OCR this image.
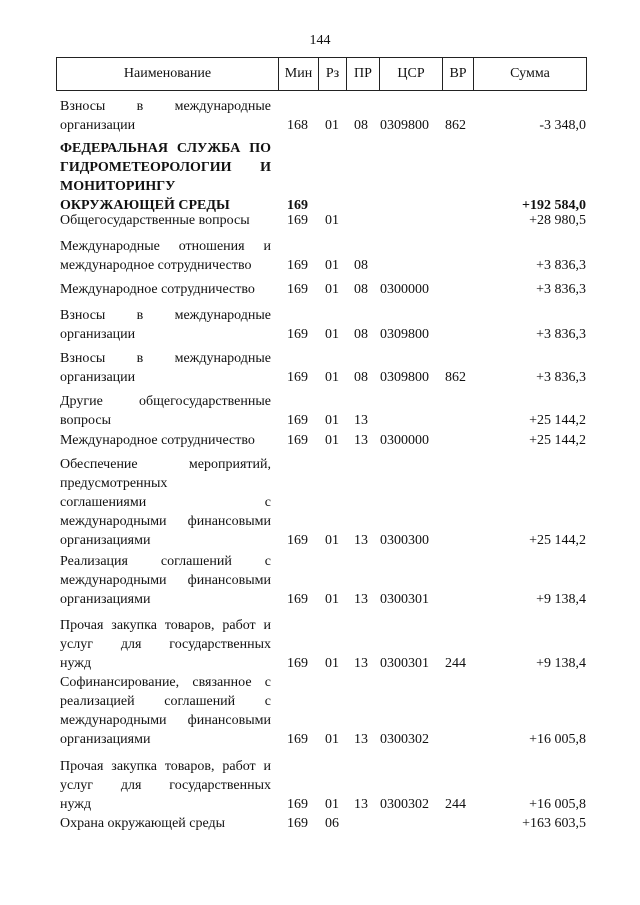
144
Наименование	Мин Рз	ПР	ЦСР	ВР	Сумма
Взносы в международные
организации	168 01 08 0309800 862	-3 348,0
ФЕДЕРАЛЬНАЯ СЛУЖБА ПО
ГИДРОМЕТЕОРОЛОГИИ И
МОНИТОРИНГУ
ОКРУЖАЮЩЕЙ СРЕДЫ	169	+192 584,0
Общегосударственные вопросы	169 01	+28 980,5
Международные отношения и
международное сотрудничество	169 01 08	+3 836,3
Международное сотрудничество	169 01 08 0300000	+3 836,3
Взносы в международные
организации	169 01 08 0309800	+3 836,3
Взносы в международные
организации	169 01 08 0309800 862	+3 836,3
Другие общегосударственные
вопросы	169 01 13	+25 144,2
Международное сотрудничество	169 01 13 0300000	+25 144,2
Обеспечение мероприятий,
предусмотренных
соглашениями с
международными финансовыми
организациями	169 01 13 0300300	+25 144,2
Реализация соглашений с
международными финансовыми
организациями	169 01 13 0300301	+9 138,4
Прочая закупка товаров, работ и
услуг для государственных
нужд	169 01 13 0300301 244	+9 138,4
Софинансирование, связанное с
реализацией соглашений с
международными финансовыми
организациями	169 01 13 0300302	+16 005,8
Прочая закупка товаров, работ и
услуг для государственных
нужд	169 01 13 0300302 244	+16 005,8
Охрана окружающей среды	169 06	+163 603,5
